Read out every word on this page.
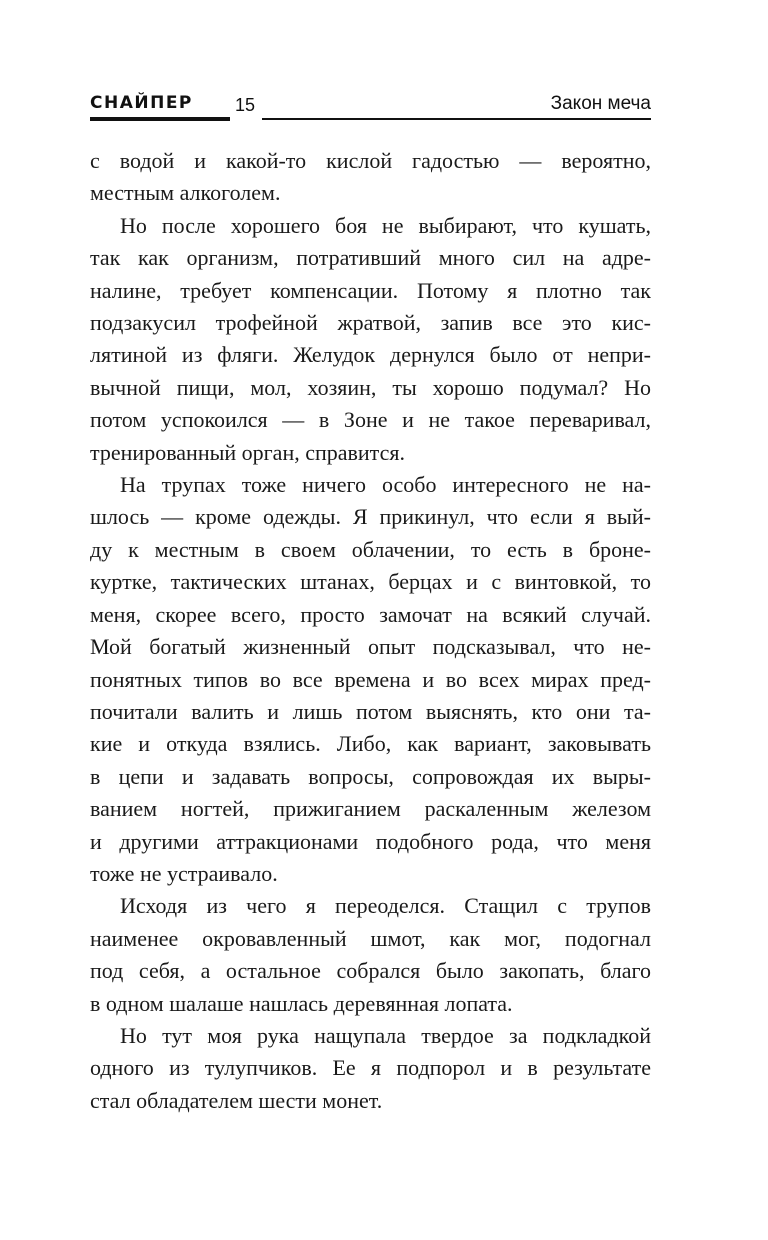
СНАЙПЕР 15	Закон меча

с водой и какой-то кислой гадостью — вероятно,
местным алкоголем.

Но после хорошего боя не выбирают, что кушать,
так как организм, потративший много сил на адре-
налине, требует компенсации. Потому я плотно так
подзакусил трофейной жратвой, запив все это кис-
лятиной из фляги. Желудок дернулся было от непри-
вычной пищи, мол, хозяин, ты хорошо подумал? Но
потом успокоился — в Зоне и не такое переваривал,
тренированный орган, справится.

На трупах тоже ничего особо интересного не на-
шлось — кроме одежды. Я прикинул, что если я вый-
ду к местным в своем облачении, то есть в броне-
куртке, тактических штанах, берцах и с винтовкой, то
меня, скорее всего, просто замочат на всякий случай.
Мой богатый жизненный опыт подсказывал, что не-
понятных типов во все времена и во всех мирах пред-
почитали валить и лишь потом выяснять, кто они та-
кие и откуда взялись. Либо, как вариант, заковывать
в цепи и задавать вопросы, сопровождая их выры-
ванием ногтей, прижиганием раскаленным железом
и другими аттракционами подобного рода, что меня
тоже не устраивало.

Исходя из чего я переоделся. Стащил с трупов
наименее окровавленный шмот, как мог, подогнал
под себя, а остальное собрался было закопать, благо
в одном шалаше нашлась деревянная лопата.

Но тут моя рука нащупала твердое за подкладкой
одного из тулупчиков. Ее я подпорол и в результате
стал обладателем шести монет.
